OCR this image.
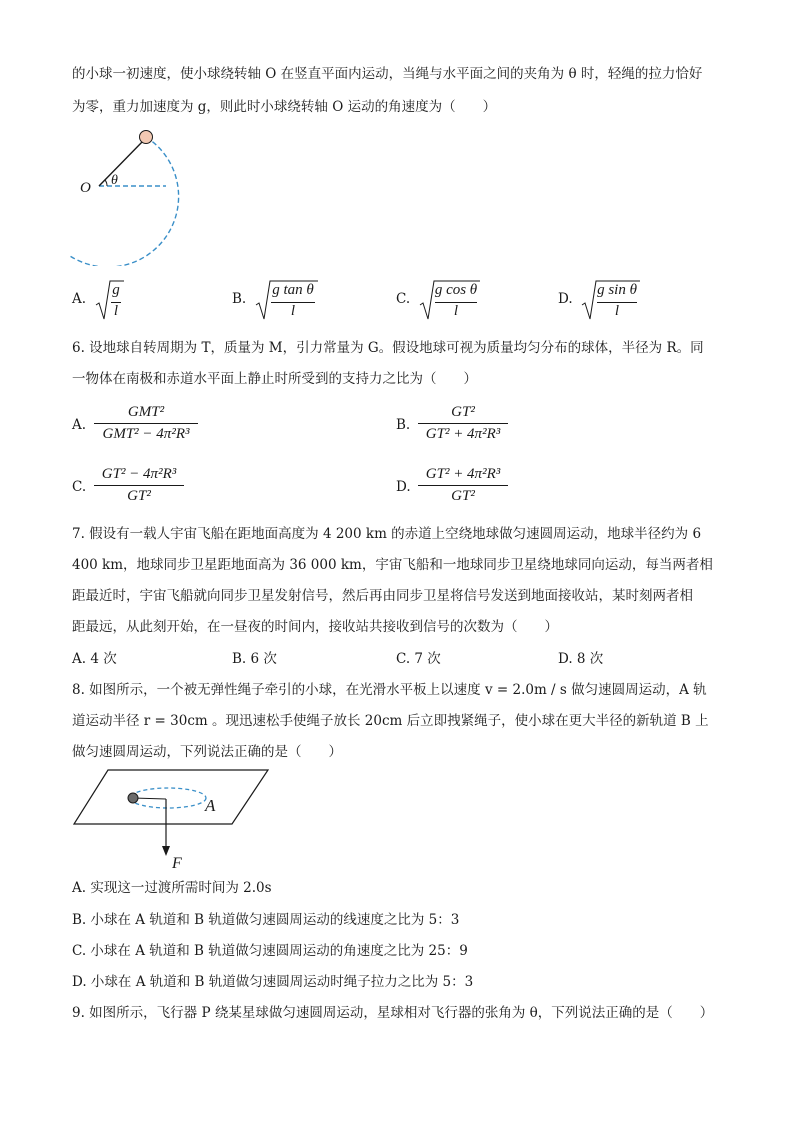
的小球一初速度，使小球绕转轴 O 在竖直平面内运动，当绳与水平面之间的夹角为 θ 时，轻绳的拉力恰好
为零，重力加速度为 g，则此时小球绕转轴 O 运动的角速度为（　　）
O θ
A.
g
l
B.
g tan θ
l
C.
g cos θ
l
D.
g sin θ
l
6. 设地球自转周期为 T，质量为 M，引力常量为 G。假设地球可视为质量均匀分布的球体，半径为 R。同
一物体在南极和赤道水平面上静止时所受到的支持力之比为（　　）
A.
GMT²
GMT² − 4π²R³
B.
GT²
GT² + 4π²R³
C.
GT² − 4π²R³
GT²
D.
GT² + 4π²R³
GT²
7. 假设有一载人宇宙飞船在距地面高度为 4 200 km 的赤道上空绕地球做匀速圆周运动，地球半径约为 6
400 km，地球同步卫星距地面高为 36 000 km，宇宙飞船和一地球同步卫星绕地球同向运动，每当两者相
距最近时，宇宙飞船就向同步卫星发射信号，然后再由同步卫星将信号发送到地面接收站，某时刻两者相
距最远，从此刻开始，在一昼夜的时间内，接收站共接收到信号的次数为（　　）
A. 4 次	B. 6 次	C. 7 次	D. 8 次
8. 如图所示，一个被无弹性绳子牵引的小球，在光滑水平板上以速度 v = 2.0m / s 做匀速圆周运动，A 轨
道运动半径 r = 30cm 。现迅速松手使绳子放长 20cm 后立即拽紧绳子，使小球在更大半径的新轨道 B 上
做匀速圆周运动，下列说法正确的是（　　）
A
F
A. 实现这一过渡所需时间为 2.0s
B. 小球在 A 轨道和 B 轨道做匀速圆周运动的线速度之比为 5：3
C. 小球在 A 轨道和 B 轨道做匀速圆周运动的角速度之比为 25：9
D. 小球在 A 轨道和 B 轨道做匀速圆周运动时绳子拉力之比为 5：3
9. 如图所示，飞行器 P 绕某星球做匀速圆周运动，星球相对飞行器的张角为 θ，下列说法正确的是（　　）
